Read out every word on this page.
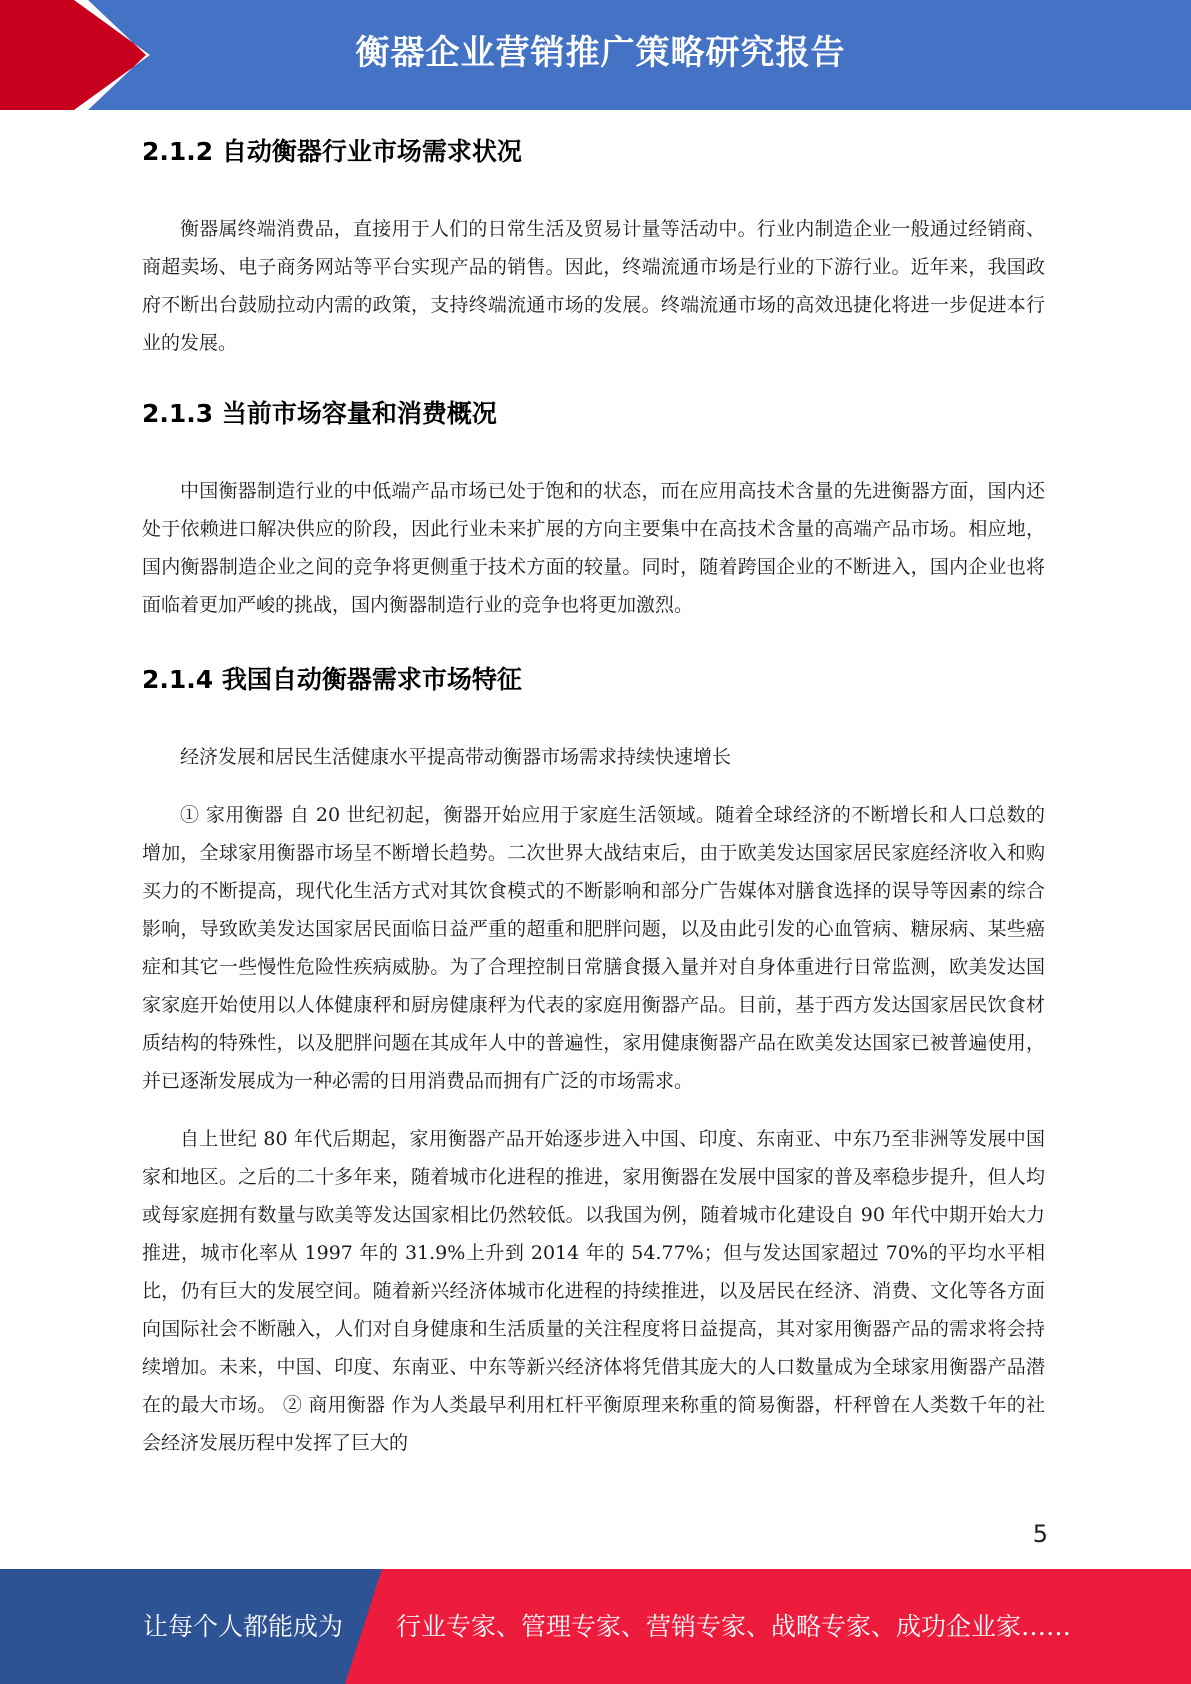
衡器企业营销推广策略研究报告
2.1.2 自动衡器行业市场需求状况

衡器属终端消费品，直接用于人们的日常生活及贸易计量等活动中。行业内制造企业一般通过经销商、商超卖场、电子商务网站等平台实现产品的销售。因此，终端流通市场是行业的下游行业。近年来，我国政府不断出台鼓励拉动内需的政策，支持终端流通市场的发展。终端流通市场的高效迅捷化将进一步促进本行业的发展。

2.1.3 当前市场容量和消费概况

中国衡器制造行业的中低端产品市场已处于饱和的状态，而在应用高技术含量的先进衡器方面，国内还处于依赖进口解决供应的阶段，因此行业未来扩展的方向主要集中在高技术含量的高端产品市场。相应地，国内衡器制造企业之间的竞争将更侧重于技术方面的较量。同时，随着跨国企业的不断进入，国内企业也将面临着更加严峻的挑战，国内衡器制造行业的竞争也将更加激烈。

2.1.4 我国自动衡器需求市场特征

经济发展和居民生活健康水平提高带动衡器市场需求持续快速增长

① 家用衡器 自 20 世纪初起，衡器开始应用于家庭生活领域。随着全球经济的不断增长和人口总数的增加，全球家用衡器市场呈不断增长趋势。二次世界大战结束后，由于欧美发达国家居民家庭经济收入和购买力的不断提高，现代化生活方式对其饮食模式的不断影响和部分广告媒体对膳食选择的误导等因素的综合影响，导致欧美发达国家居民面临日益严重的超重和肥胖问题，以及由此引发的心血管病、糖尿病、某些癌症和其它一些慢性危险性疾病威胁。为了合理控制日常膳食摄入量并对自身体重进行日常监测，欧美发达国家家庭开始使用以人体健康秤和厨房健康秤为代表的家庭用衡器产品。目前，基于西方发达国家居民饮食材质结构的特殊性，以及肥胖问题在其成年人中的普遍性，家用健康衡器产品在欧美发达国家已被普遍使用，并已逐渐发展成为一种必需的日用消费品而拥有广泛的市场需求。

自上世纪 80 年代后期起，家用衡器产品开始逐步进入中国、印度、东南亚、中东乃至非洲等发展中国家和地区。之后的二十多年来，随着城市化进程的推进，家用衡器在发展中国家的普及率稳步提升，但人均或每家庭拥有数量与欧美等发达国家相比仍然较低。以我国为例，随着城市化建设自 90 年代中期开始大力推进，城市化率从 1997 年的 31.9%上升到 2014 年的 54.77%；但与发达国家超过 70%的平均水平相比，仍有巨大的发展空间。随着新兴经济体城市化进程的持续推进，以及居民在经济、消费、文化等各方面向国际社会不断融入，人们对自身健康和生活质量的关注程度将日益提高，其对家用衡器产品的需求将会持续增加。未来，中国、印度、东南亚、中东等新兴经济体将凭借其庞大的人口数量成为全球家用衡器产品潜在的最大市场。 ② 商用衡器 作为人类最早利用杠杆平衡原理来称重的简易衡器，杆秤曾在人类数千年的社会经济发展历程中发挥了巨大的

5
让每个人都能成为 行业专家、管理专家、营销专家、战略专家、成功企业家……
